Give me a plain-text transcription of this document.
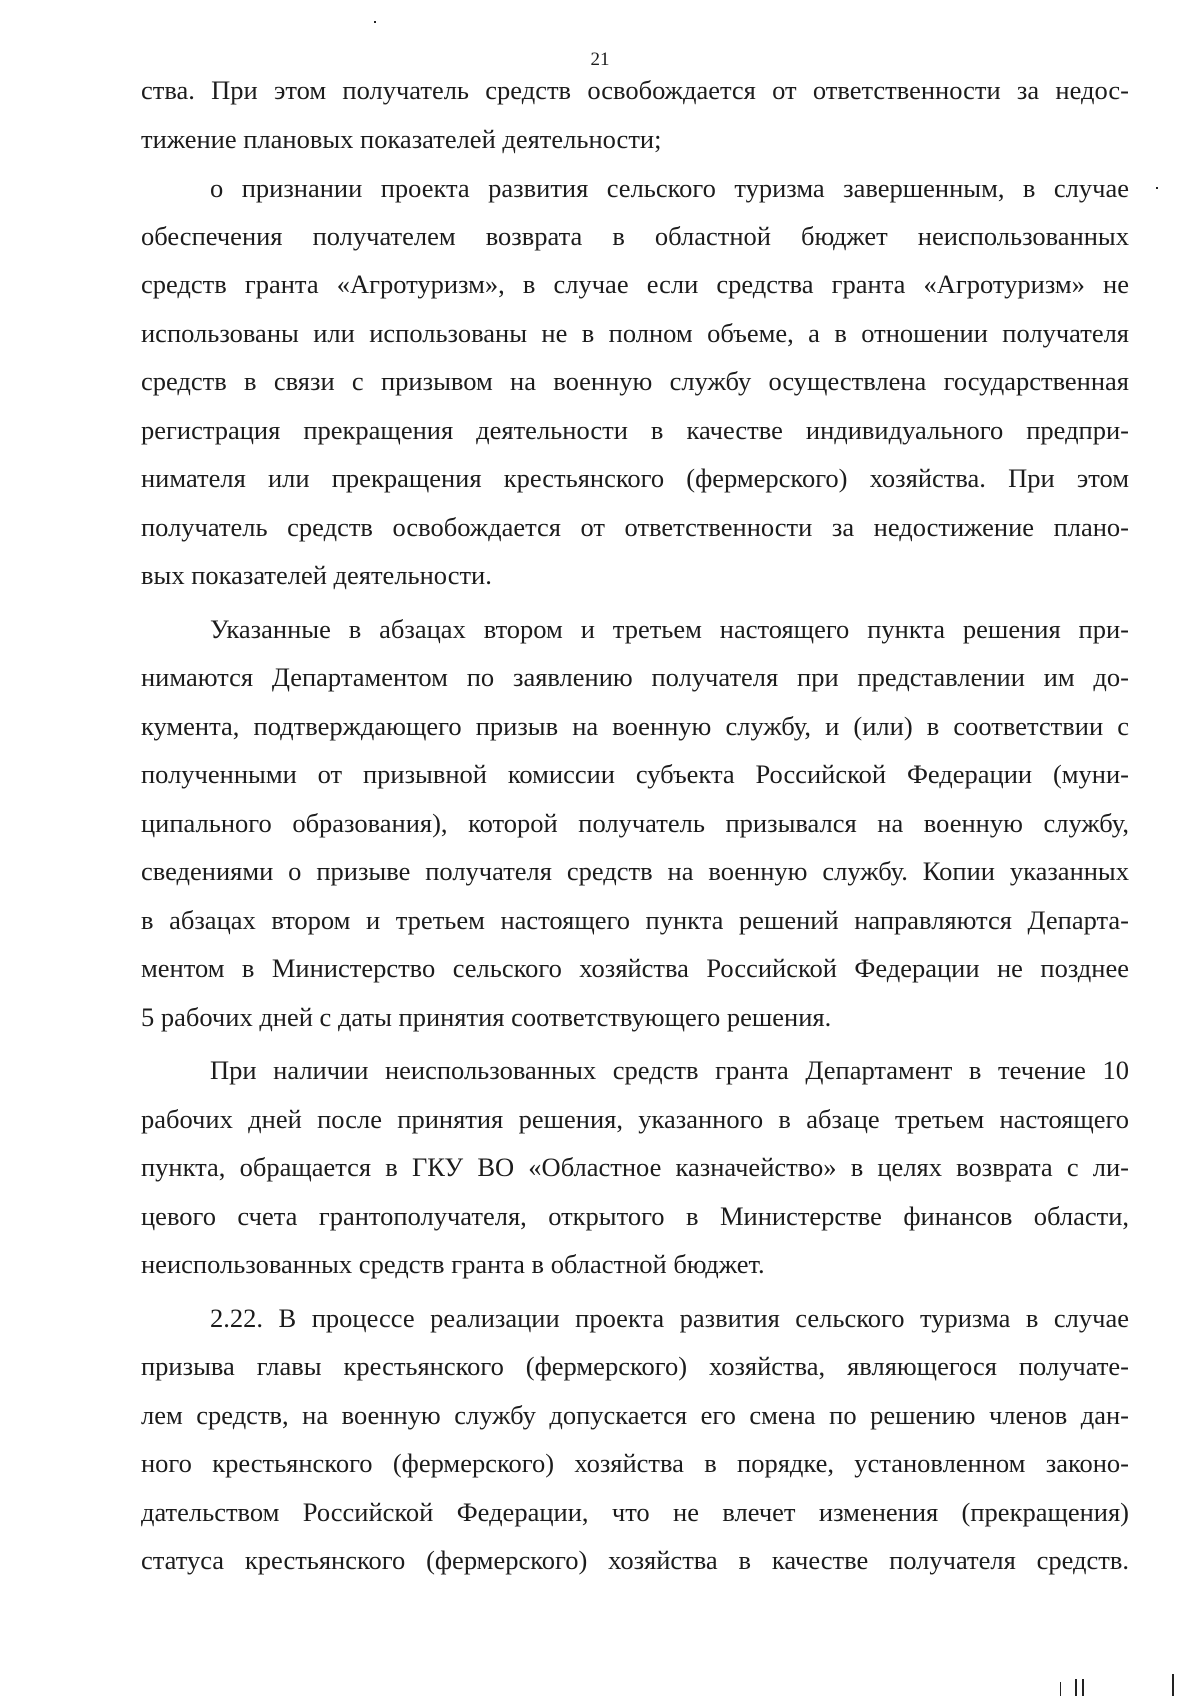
21
ства. При этом получатель средств освобождается от ответственности за недос-
тижение плановых показателей деятельности;
о признании проекта развития сельского туризма завершенным, в случае
обеспечения получателем возврата в областной бюджет неиспользованных
средств гранта «Агротуризм», в случае если средства гранта «Агротуризм» не
использованы или использованы не в полном объеме, а в отношении получателя
средств в связи с призывом на военную службу осуществлена государственная
регистрация прекращения деятельности в качестве индивидуального предпри-
нимателя или прекращения крестьянского (фермерского) хозяйства. При этом
получатель средств освобождается от ответственности за недостижение плано-
вых показателей деятельности.
Указанные в абзацах втором и третьем настоящего пункта решения при-
нимаются Департаментом по заявлению получателя при представлении им до-
кумента, подтверждающего призыв на военную службу, и (или) в соответствии с
полученными от призывной комиссии субъекта Российской Федерации (муни-
ципального образования), которой получатель призывался на военную службу,
сведениями о призыве получателя средств на военную службу. Копии указанных
в абзацах втором и третьем настоящего пункта решений направляются Департа-
ментом в Министерство сельского хозяйства Российской Федерации не позднее
5 рабочих дней с даты принятия соответствующего решения.
При наличии неиспользованных средств гранта Департамент в течение 10
рабочих дней после принятия решения, указанного в абзаце третьем настоящего
пункта, обращается в ГКУ ВО «Областное казначейство» в целях возврата с ли-
цевого счета грантополучателя, открытого в Министерстве финансов области,
неиспользованных средств гранта в областной бюджет.
2.22. В процессе реализации проекта развития сельского туризма в случае
призыва главы крестьянского (фермерского) хозяйства, являющегося получате-
лем средств, на военную службу допускается его смена по решению членов дан-
ного крестьянского (фермерского) хозяйства в порядке, установленном законо-
дательством Российской Федерации, что не влечет изменения (прекращения)
статуса крестьянского (фермерского) хозяйства в качестве получателя средств.
